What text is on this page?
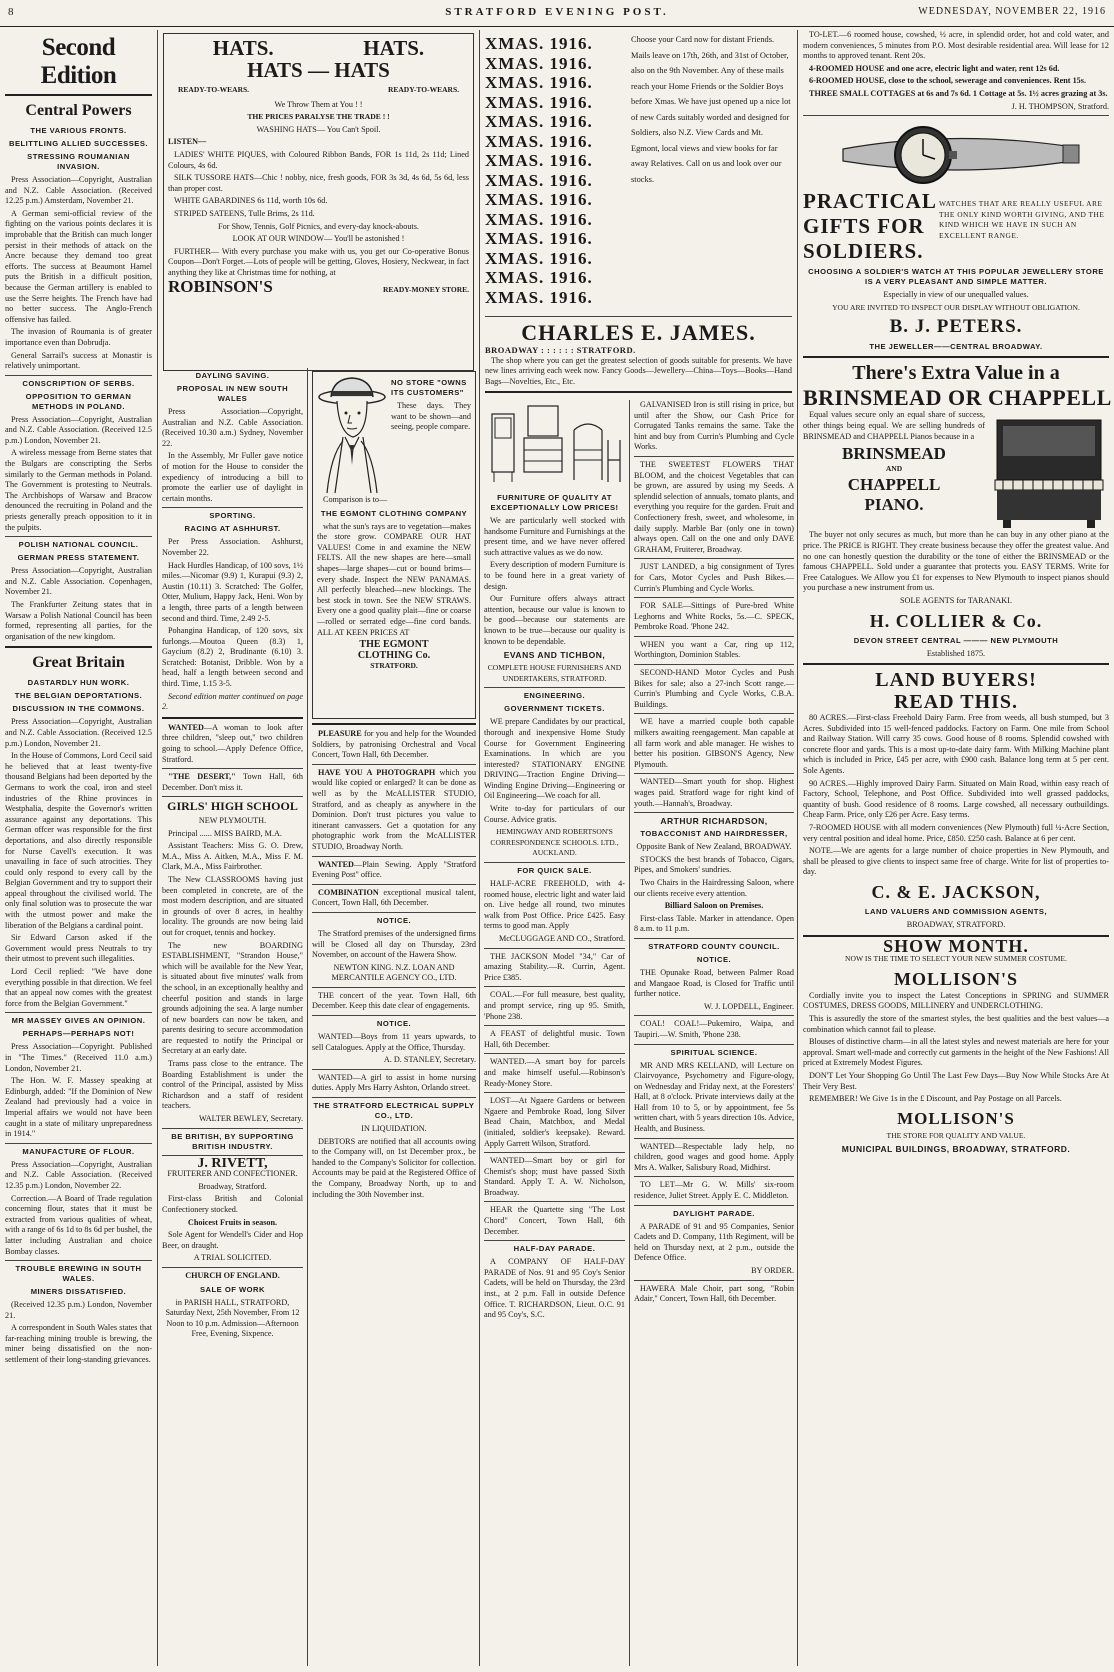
8	STRATFORD EVENING POST.	WEDNESDAY, NOVEMBER 22, 1916
Second Edition
Central Powers
THE VARIOUS FRONTS.
BELITTLING ALLIED SUCCESSES.
STRESSING ROUMANIAN INVASION.

Press Association—Copyright, Australian and N.Z. Cable Association. (Received 12.25 p.m.) Amsterdam, November 21.

A German semi-official review of the fighting on the various points declares it is improbable that the British can much longer persist in their methods of attack on the Ancre because they demand too great efforts. The success at Beaumont Hamel puts the British in a difficult position, because the German artillery is enabled to use the Serre heights. The French have had no better success. The Anglo-French offensive has failed.

The invasion of Roumania is of greater importance even than Dobrudja.

General Sarrail's success at Monastir is relatively unimportant.

CONSCRIPTION OF SERBS.
OPPOSITION TO GERMAN METHODS IN POLAND.

Press Association—Copyright, Australian and N.Z. Cable Association. (Received 12.5 p.m.) London, November 21.

A wireless message from Berne states that the Bulgars are conscripting the Serbs similarly to the German methods in Poland. The Government is protesting to Neutrals. The Archbishops of Warsaw and Bracow denounced the recruiting in Poland and the priests generally preach opposition to it in the pulpits.

POLISH NATIONAL COUNCIL.
GERMAN PRESS STATEMENT.

Press Association—Copyright, Australian and N.Z. Cable Association. Copenhagen, November 21.

The Frankfurter Zeitung states that in Warsaw a Polish National Council has been formed, representing all parties, for the organisation of the new kingdom.

Great Britain
DASTARDLY HUN WORK.
THE BELGIAN DEPORTATIONS.
DISCUSSION IN THE COMMONS.

Press Association—Copyright, Australian and N.Z. Cable Association. (Received 12.5 p.m.) London, November 21.

In the House of Commons, Lord Cecil said he believed that at least twenty-five thousand Belgians had been deported by the Germans to work the coal, iron and steel industries of the Rhine provinces in Westphalia, despite the Governor's written assurance against any deportations. This German offcer was responsible for the first deportations, and also directly responsible for Nurse Cavell's execution. It was unavailing in face of such atrocities. They could only respond to every call by the Belgian Government and try to support their appeal throughout the civilised world. The only final solution was to prosecute the war with the utmost power and make the liberation of the Belgians a cardinal point.

Sir Edward Carson asked if the Government would press Neutrals to try their utmost to prevent such illegalities.

Lord Cecil replied: "We have done everything possible in that direction. We feel that an appeal now comes with the greatest force from the Belgian Government."

MR MASSEY GIVES AN OPINION.
PERHAPS—PERHAPS NOT!

Press Association—Copyright. Published in "The Times." (Received 11.0 a.m.) London, November 21.

The Hon. W. F. Massey speaking at Edinburgh, added: "If the Dominion of New Zealand had previously had a voice in Imperial affairs we would not have been caught in a state of military unpreparedness in 1914."

MANUFACTURE OF FLOUR.

Press Association—Copyright, Australian and N.Z. Cable Association. (Received 12.35 p.m.) London, November 22.

Correction.—A Board of Trade regulation concerning flour, states that it must be extracted from various qualities of wheat, with a range of 6s 1d to 8s 6d per bushel, the latter including Australian and choice Bombay classes.

TROUBLE BREWING IN SOUTH WALES.
MINERS DISSATISFIED.

(Received 12.35 p.m.) London, November 21.

A correspondent in South Wales states that far-reaching mining trouble is brewing, the miner being dissatisfied on the non-settlement of their long-standing grievances.

HATS.	HATS.
HATS — HATS
READY-TO-WEARS.	READY-TO-WEARS.

We Throw Them at You ! !

THE PRICES PARALYSE THE TRADE ! !

WASHING HATS— You Can't Spoil.

LISTEN—

LADIES' WHITE PIQUES, with Coloured Ribbon Bands, FOR 1s 11d, 2s 11d; Lined Colours, 4s 6d.

SILK TUSSORE HATS—Chic ! nobby, nice, fresh goods, FOR 3s 3d, 4s 6d, 5s 6d, less than proper cost.

WHITE GABARDINES 6s 11d, worth 10s 6d.

STRIPED SATEENS, Tulle Brims, 2s 11d.

For Show, Tennis, Golf Picnics, and every-day knock-abouts.

LOOK AT OUR WINDOW— You'll be astonished !

FURTHER— With every purchase you make with us, you get our Co-operative Bonus Coupon—Don't Forget.—Lots of people will be getting, Gloves, Hosiery, Neckwear, in fact anything they like at Christmas time for nothing, at

ROBINSON'S	READY-MONEY STORE.
DAYLING SAVING.
PROPOSAL IN NEW SOUTH WALES

Press Association—Copyright, Australian and N.Z. Cable Association. (Received 10.30 a.m.) Sydney, November 22.

In the Assembly, Mr Fuller gave notice of motion for the House to consider the expediency of introducing a bill to promote the earlier use of daylight in certain months.

SPORTING.
RACING AT ASHHURST.

Per Press Association. Ashhurst, November 22.

Hack Hurdles Handicap, of 100 sovs, 1½ miles.—Nicomar (9.9) 1, Kurapui (9.3) 2, Austin (10.11) 3. Scratched: The Golfer, Otter, Mulium, Happy Jack, Heni. Won by a length, three parts of a length between second and third. Time, 2.49 2-5.

Pohangina Handicap, of 120 sovs, six furlongs.—Moutoa Queen (8.3) 1, Gaycium (8.2) 2, Brudinante (6.10) 3. Scratched: Botanist, Dribble. Won by a head, half a length between second and third. Time, 1.15 3-5.

Second edition matter continued on page 2.

WANTED—A woman to look after three children, "sleep out," two children going to school.—Apply Defence Office, Stratford.

"THE DESERT," Town Hall, 6th December. Don't miss it.

GIRLS' HIGH SCHOOL

NEW PLYMOUTH.

Principal ...... MISS BAIRD, M.A.

Assistant Teachers: Miss G. O. Drew, M.A., Miss A. Aitken, M.A., Miss F. M. Clark, M.A., Miss Fairbrother.

The New CLASSROOMS having just been completed in concrete, are of the most modern description, and are situated in grounds of over 8 acres, in healthy locality. The grounds are now being laid out for croquet, tennis and hockey.

The new BOARDING ESTABLISHMENT, "Strandon House," which will be available for the New Year, is situated about five minutes' walk from the school, in an exceptionally healthy and cheerful position and stands in large grounds adjoining the sea. A large number of new boarders can now be taken, and parents desiring to secure accommodation are requested to notify the Principal or Secretary at an early date.

Trams pass close to the entrance. The Boarding Establishment is under the control of the Principal, assisted by Miss Richardson and a staff of resident teachers.

WALTER BEWLEY, Secretary.

BE BRITISH, BY SUPPORTING BRITISH INDUSTRY.
J. RIVETT,

FRUITERER AND CONFECTIONER.

Broadway, Stratford.

First-class British and Colonial Confectionery stocked.

Choicest Fruits in season.

Sole Agent for Wendell's Cider and Hop Beer, on draught.

A TRIAL SOLICITED.

CHURCH OF ENGLAND.
SALE OF WORK

in PARISH HALL, STRATFORD, Saturday Next, 25th November, From 12 Noon to 10 p.m. Admission—Afternoon Free, Evening, Sixpence.

NO STORE "OWNS ITS CUSTOMERS"

These days. They want to be shown—and seeing, people compare.

Comparison is to—

THE EGMONT CLOTHING COMPANY

what the sun's rays are to vegetation—makes the store grow. COMPARE OUR HAT VALUES! Come in and examine the NEW FELTS. All the new shapes are here—small shapes—large shapes—cut or bound brims—every shade. Inspect the NEW PANAMAS. All perfectly bleached—new blockings. The best stock in town. See the NEW STRAWS. Every one a good quality plait—fine or coarse—rolled or serrated edge—fine cord bands. ALL AT KEEN PRICES AT

THE EGMONT
CLOTHING Co.
STRATFORD.

PLEASURE for you and help for the Wounded Soldiers, by patronising Orchestral and Vocal Concert, Town Hall, 6th December.

HAVE YOU A PHOTOGRAPH which you would like copied or enlarged? It can be done as well as by the McALLISTER STUDIO, Stratford, and as cheaply as anywhere in the Dominion. Don't trust pictures you value to itinerant canvassers. Get a quotation for any photographic work from the McALLISTER STUDIO, Broadway North.

WANTED—Plain Sewing. Apply "Stratford Evening Post" office.

COMBINATION exceptional musical talent, Concert, Town Hall, 6th December.

NOTICE.

The Stratford premises of the undersigned firms will be Closed all day on Thursday, 23rd November, on account of the Hawera Show.

NEWTON KING. N.Z. LOAN AND MERCANTILE AGENCY CO., LTD.

THE concert of the year. Town Hall, 6th December. Keep this date clear of engagements.

NOTICE.

WANTED—Boys from 11 years upwards, to sell Catalogues. Apply at the Office, Thursday.

A. D. STANLEY, Secretary.

WANTED—A girl to assist in home nursing duties. Apply Mrs Harry Ashton, Orlando street.

THE STRATFORD ELECTRICAL SUPPLY CO., LTD.

IN LIQUIDATION.

DEBTORS are notified that all accounts owing to the Company will, on 1st December prox., be handed to the Company's Solicitor for collection. Accounts may be paid at the Registered Office of the Company, Broadway North, up to and including the 30th November inst.

XMAS. 1916.
XMAS. 1916.
XMAS. 1916.
XMAS. 1916.
XMAS. 1916.
XMAS. 1916.
XMAS. 1916.
XMAS. 1916.
XMAS. 1916.
XMAS. 1916.
XMAS. 1916.
XMAS. 1916.
XMAS. 1916.
XMAS. 1916.
Choose your Card now for distant Friends. Mails leave on 17th, 26th, and 31st of October, also on the 9th November. Any of these mails reach your Home Friends or the Soldier Boys before Xmas. We have just opened up a nice lot of new Cards suitably worded and designed for Soldiers, also N.Z. View Cards and Mt. Egmont, local views and view books for far away Relatives. Call on us and look over our stocks.
CHARLES E. JAMES.
BROADWAY : : : : : : STRATFORD.

The shop where you can get the greatest selection of goods suitable for presents. We have new lines arriving each week now. Fancy Goods—Jewellery—China—Toys—Books—Hand Bags—Novelties, Etc., Etc.

FURNITURE OF QUALITY AT EXCEPTIONALLY LOW PRICES!

We are particularly well stocked with handsome Furniture and Furnishings at the present time, and we have never offered such attractive values as we do now.

Every description of modern Furniture is to be found here in a great variety of design.

Our Furniture offers always attract attention, because our value is known to be good—because our statements are known to be true—because our quality is known to be dependable.

EVANS AND TICHBON,

COMPLETE HOUSE FURNISHERS AND UNDERTAKERS, STRATFORD.

ENGINEERING.
GOVERNMENT TICKETS.

WE prepare Candidates by our practical, thorough and inexpensive Home Study Course for Government Engineering Examinations. In which are you interested? STATIONARY ENGINE DRIVING—Traction Engine Driving—Winding Engine Driving—Engineering or Oil Engineering—We coach for all.

Write to-day for particulars of our Course. Advice gratis.

HEMINGWAY AND ROBERTSON'S CORRESPONDENCE SCHOOLS. LTD., AUCKLAND.

FOR QUICK SALE.

HALF-ACRE FREEHOLD, with 4-roomed house, electric light and water laid on. Live hedge all round, two minutes walk from Post Office. Price £425. Easy terms to good man. Apply

McCLUGGAGE AND CO., Stratford.

THE JACKSON Model "34," Car of amazing Stability.—R. Currin, Agent. Price £385.

COAL.—For full measure, best quality, and prompt service, ring up 95. Smith, 'Phone 238.

A FEAST of delightful music. Town Hall, 6th December.

WANTED.—A smart boy for parcels and make himself useful.—Robinson's Ready-Money Store.

LOST—At Ngaere Gardens or between Ngaere and Pembroke Road, long Silver Bead Chain, Matchbox, and Medal (initialed, soldier's keepsake). Reward. Apply Garrett Wilson, Stratford.

WANTED—Smart boy or girl for Chemist's shop; must have passed Sixth Standard. Apply T. A. W. Nicholson, Broadway.

HEAR the Quartette sing "The Lost Chord" Concert, Town Hall, 6th December.

HALF-DAY PARADE.

A COMPANY OF HALF-DAY PARADE of Nos. 91 and 95 Coy's Senior Cadets, will be held on Thursday, the 23rd inst., at 2 p.m. Fall in outside Defence Office. T. RICHARDSON, Lieut. O.C. 91 and 95 Coy's, S.C.

GALVANISED Iron is still rising in price, but until after the Show, our Cash Price for Corrugated Tanks remains the same. Take the hint and buy from Currin's Plumbing and Cycle Works.

THE SWEETEST FLOWERS THAT BLOOM, and the choicest Vegetables that can be grown, are assured by using my Seeds. A splendid selection of annuals, tomato plants, and everything you require for the garden. Fruit and Confectionery fresh, sweet, and wholesome, in daily supply. Marble Bar (only one in town) always open. Call on the one and only DAVE GRAHAM, Fruiterer, Broadway.

JUST LANDED, a big consignment of Tyres for Cars, Motor Cycles and Push Bikes.—Currin's Plumbing and Cycle Works.

FOR SALE—Sittings of Pure-bred White Leghorns and White Rocks, 5s.—C. SPECK, Pembroke Road. 'Phone 242.

WHEN you want a Car, ring up 112, Worthington, Dominion Stables.

SECOND-HAND Motor Cycles and Push Bikes for sale; also a 27-inch Scott range.—Currin's Plumbing and Cycle Works, C.B.A. Buildings.

WE have a married couple both capable milkers awaiting reengagement. Man capable at all farm work and able manager. He wishes to better his position. GIBSON'S Agency, New Plymouth.

WANTED—Smart youth for shop. Highest wages paid. Stratford wage for right kind of youth.—Hannah's, Broadway.

ARTHUR RICHARDSON,
TOBACCONIST AND HAIRDRESSER,

Opposite Bank of New Zealand, BROADWAY.

STOCKS the best brands of Tobacco, Cigars, Pipes, and Smokers' sundries.

Two Chairs in the Hairdressing Saloon, where our clients receive every attention.

Billiard Saloon on Premises.

First-class Table. Marker in attendance. Open 8 a.m. to 11 p.m.

STRATFORD COUNTY COUNCIL.
NOTICE.

THE Opunake Road, between Palmer Road and Mangaoe Road, is Closed for Traffic until further notice.

W. J. LOPDELL, Engineer.

COAL! COAL!—Pukemiro, Waipa, and Taupiri.—W. Smith, 'Phone 238.

SPIRITUAL SCIENCE.

MR AND MRS KELLAND, will Lecture on Clairvoyance, Psychometry and Figure-ology, on Wednesday and Friday next, at the Foresters' Hall, at 8 o'clock. Private interviews daily at the Hall from 10 to 5, or by appointment, fee 5s written chart, with 5 years direction 10s. Advice, Health, and Business.

WANTED—Respectable lady help, no children, good wages and good home. Apply Mrs A. Walker, Salisbury Road, Midhirst.

TO LET—Mr G. W. Mills' six-room residence, Juliet Street. Apply E. C. Middleton.

DAYLIGHT PARADE.

A PARADE of 91 and 95 Companies, Senior Cadets and D. Company, 11th Regiment, will be held on Thursday next, at 2 p.m., outside the Defence Office.

BY ORDER.

HAWERA Male Choir, part song, "Robin Adair," Concert, Town Hall, 6th December.

TO-LET.—6 roomed house, cowshed, ½ acre, in splendid order, hot and cold water, and modern conveniences, 5 minutes from P.O. Most desirable residential area. Will lease for 12 months to approved tenant. Rent 20s.

4-ROOMED HOUSE and one acre, electric light and water, rent 12s 6d.

6-ROOMED HOUSE, close to the school, sewerage and conveniences. Rent 15s.

THREE SMALL COTTAGES at 6s and 7s 6d. 1 Cottage at 5s. 1½ acres grazing at 3s.

J. H. THOMPSON, Stratford.

PRACTICAL GIFTS FOR SOLDIERS.
WATCHES THAT ARE REALLY USEFUL ARE THE ONLY KIND WORTH GIVING, AND THE KIND WHICH WE HAVE IN SUCH AN EXCELLENT RANGE.
CHOOSING A SOLDIER'S WATCH AT THIS POPULAR JEWELLERY STORE IS A VERY PLEASANT AND SIMPLE MATTER.

Especially in view of our unequalled values.

YOU ARE INVITED TO INSPECT OUR DISPLAY WITHOUT OBLIGATION.

B. J. PETERS.
THE JEWELLER——CENTRAL BROADWAY.
There's Extra Value in a
BRINSMEAD OR CHAPPELL

Equal values secure only an equal share of success, other things being equal. We are selling hundreds of BRINSMEAD and CHAPPELL Pianos because in a

BRINSMEAD
AND
CHAPPELL
PIANO.

The buyer not only secures as much, but more than he can buy in any other piano at the price. The PRICE is RIGHT. They create business because they offer the greatest value. And no one can honestly question the durability or the tone of either the BRINSMEAD or the famous CHAPPELL. Sold under a guarantee that protects you. EASY TERMS. Write for Free Catalogues. We Allow you £1 for expenses to New Plymouth to inspect pianos should you purchase a new instrument from us.

SOLE AGENTS for TARANAKI.

H. COLLIER & Co.
DEVON STREET CENTRAL ——— NEW PLYMOUTH

Established 1875.

LAND BUYERS!
READ THIS.

80 ACRES.—First-class Freehold Dairy Farm. Free from weeds, all bush stumped, but 3 Acres. Subdivided into 15 well-fenced paddocks. Factory on Farm. One mile from School and Railway Station. Will carry 35 cows. Good house of 8 rooms. Splendid cowshed with concrete floor and yards. This is a most up-to-date dairy farm. With Milking Machine plant which is included in Price, £45 per acre, with £900 cash. Balance long term at 5 per cent. Sole Agents.

90 ACRES.—Highly improved Dairy Farm. Situated on Main Road, within easy reach of Factory, School, Telephone, and Post Office. Subdivided into well grassed paddocks, quantity of bush. Good residence of 8 rooms. Large cowshed, all necessary outbuildings. Cheap Farm. Price, only £26 per Acre. Easy terms.

7-ROOMED HOUSE with all modern conveniences (New Plymouth) full ¼-Acre Section, very central position and ideal home. Price, £850. £250 cash. Balance at 6 per cent.

NOTE.—We are agents for a large number of choice properties in New Plymouth, and shall be pleased to give clients to inspect same free of charge. Write for list of properties to-day.

C. & E. JACKSON,
LAND VALUERS AND COMMISSION AGENTS,

BROADWAY, STRATFORD.

SHOW MONTH.

NOW IS THE TIME TO SELECT YOUR NEW SUMMER COSTUME.

MOLLISON'S

Cordially invite you to inspect the Latest Conceptions in SPRING and SUMMER COSTUMES, DRESS GOODS, MILLINERY and UNDERCLOTHING.

This is assuredly the store of the smartest styles, the best qualities and the best values—a combination which cannot fail to please.

Blouses of distinctive charm—in all the latest styles and newest materials are here for your approval. Smart well-made and correctly cut garments in the height of the New Fashions! All priced at Extremely Modest Figures.

DON'T Let Your Shopping Go Until The Last Few Days—Buy Now While Stocks Are At Their Very Best.

REMEMBER! We Give 1s in the £ Discount, and Pay Postage on all Parcels.

MOLLISON'S

THE STORE FOR QUALITY AND VALUE.

MUNICIPAL BUILDINGS, BROADWAY, STRATFORD.
